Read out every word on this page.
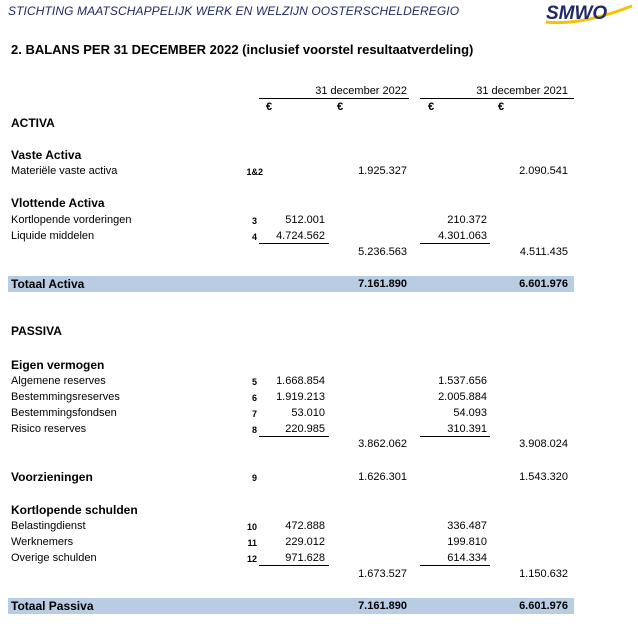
STICHTING MAATSCHAPPELIJK WERK EN WELZIJN OOSTERSCHELDEREGIO	SMWO
2. BALANS PER 31 DECEMBER 2022 (inclusief voorstel resultaatverdeling)
31 december 2022	31 december 2021
€	€	€	€
ACTIVA
Vaste Activa
Materiële vaste activa	1&2	1.925.327	2.090.541
Vlottende Activa
Kortlopende vorderingen	3	512.001	210.372
Liquide middelen	4	4.724.562	4.301.063
5.236.563	4.511.435
Totaal Activa	7.161.890	6.601.976
PASSIVA
Eigen vermogen
Algemene reserves	5	1.668.854	1.537.656
Bestemmingsreserves	6	1.919.213	2.005.884
Bestemmingsfondsen	7	53.010	54.093
Risico reserves	8	220.985	310.391
3.862.062	3.908.024
Voorzieningen	9	1.626.301	1.543.320
Kortlopende schulden
Belastingdienst	10	472.888	336.487
Werknemers	11	229.012	199.810
Overige schulden	12	971.628	614.334
1.673.527	1.150.632
Totaal Passiva	7.161.890	6.601.976
